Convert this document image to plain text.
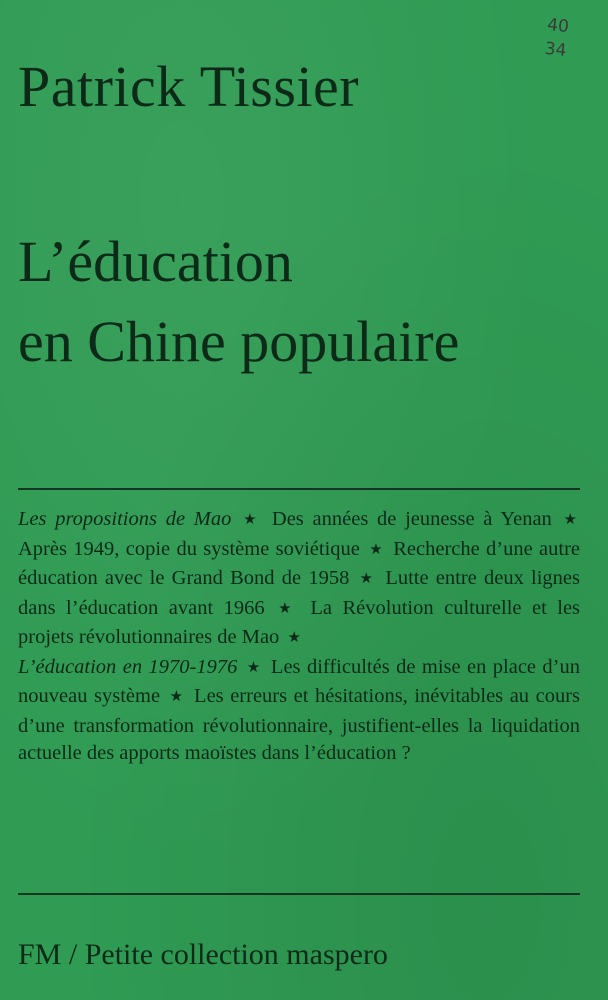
40
34
Patrick Tissier
L’éducation
en Chine populaire

Les propositions de Mao ★ Des années de jeunesse à Yenan ★ Après 1949, copie du système soviétique ★ Recherche d’une autre éducation avec le Grand Bond de 1958 ★ Lutte entre deux lignes dans l’éducation avant 1966 ★ La Révolution culturelle et les projets révolutionnaires de Mao ★
L’éducation en 1970-1976 ★ Les difficultés de mise en place d’un nouveau système ★ Les erreurs et hésitations, inévitables au cours d’une transformation révolutionnaire, justifient-elles la liquidation actuelle des apports maoïstes dans l’éducation ?

FM / Petite collection maspero
